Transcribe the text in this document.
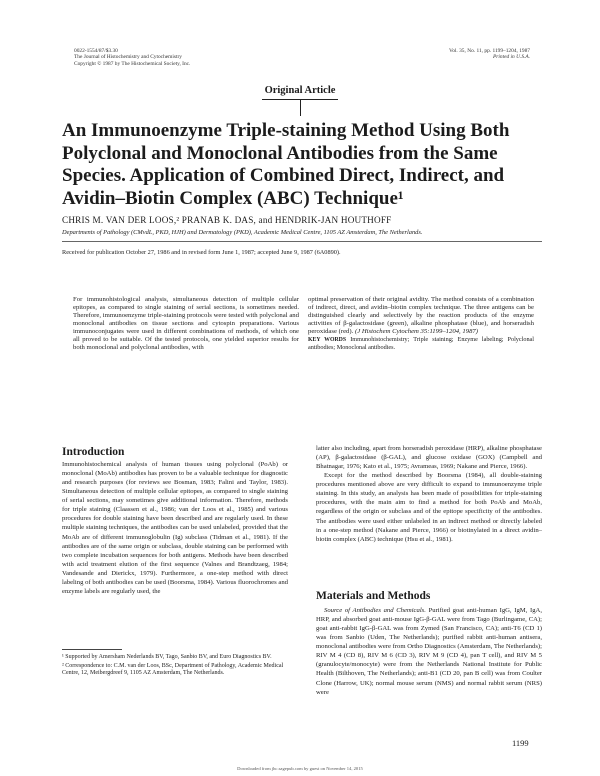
0022-1554/87/$3.30
The Journal of Histochemistry and Cytochemistry
Copyright © 1987 by The Histochemical Society, Inc.
Vol. 35, No. 11, pp. 1199–1204, 1987
Printed in U.S.A.
Original Article
An Immunoenzyme Triple-staining Method Using Both Polyclonal and Monoclonal Antibodies from the Same Species. Application of Combined Direct, Indirect, and Avidin–Biotin Complex (ABC) Technique¹
CHRIS M. VAN DER LOOS,² PRANAB K. DAS, and HENDRIK-JAN HOUTHOFF
Departments of Pathology (CMvdL, PKD, HJH) and Dermatology (PKD), Academic Medical Centre, 1105 AZ Amsterdam, The Netherlands.
Received for publication October 27, 1986 and in revised form June 1, 1987; accepted June 9, 1987 (6A0890).

For immunohistological analysis, simultaneous detection of multiple cellular epitopes, as compared to single staining of serial sections, is sometimes needed. Therefore, immunoenzyme triple-staining protocols were tested with polyclonal and monoclonal antibodies on tissue sections and cytospin preparations. Various immunoconjugates were used in different combinations of methods, of which one all proved to be suitable. Of the tested protocols, one yielded superior results for both monoclonal and polyclonal antibodies, with

optimal preservation of their original avidity. The method consists of a combination of indirect, direct, and avidin–biotin complex technique. The three antigens can be distinguished clearly and selectively by the reaction products of the enzyme activities of β-galactosidase (green), alkaline phosphatase (blue), and horseradish peroxidase (red). (J Histochem Cytochem 35:1199–1204, 1987)

KEY WORDS Immunohistochemistry; Triple staining; Enzyme labeling; Polyclonal antibodies; Monoclonal antibodies.

Introduction

Immunohistochemical analysis of human tissues using polyclonal (PoAb) or monoclonal (MoAb) antibodies has proven to be a valuable technique for diagnostic and research purposes (for reviews see Bosman, 1983; Falini and Taylor, 1983). Simultaneous detection of multiple cellular epitopes, as compared to single staining of serial sections, may sometimes give additional information. Therefore, methods for triple staining (Claassen et al., 1986; van der Loos et al., 1985) and various procedures for double staining have been described and are regularly used. In these multiple staining techniques, the antibodies can be used unlabeled, provided that the MoAb are of different immunoglobulin (Ig) subclass (Tidman et al., 1981). If the antibodies are of the same origin or subclass, double staining can be performed with two complete incubation sequences for both antigens. Methods have been described with acid treatment elution of the first sequence (Valnes and Brandtzaeg, 1984; Vandesande and Dierickx, 1979). Furthermore, a one-step method with direct labeling of both antibodies can be used (Boorsma, 1984). Various fluorochromes and enzyme labels are regularly used, the

latter also including, apart from horseradish peroxidase (HRP), alkaline phosphatase (AP), β-galactosidase (β-GAL), and glucose oxidase (GOX) (Campbell and Bhatnagar, 1976; Kato et al., 1975; Avrameas, 1969; Nakane and Pierce, 1966).

Except for the method described by Boorsma (1984), all double-staining procedures mentioned above are very difficult to expand to immunoenzyme triple staining. In this study, an analysis has been made of possibilities for triple-staining procedures, with the main aim to find a method for both PoAb and MoAb, regardless of the origin or subclass and of the epitope specificity of the antibodies. The antibodies were used either unlabeled in an indirect method or directly labeled in a one-step method (Nakane and Pierce, 1966) or biotinylated in a direct avidin–biotin complex (ABC) technique (Hsu et al., 1981).

Materials and Methods

Source of Antibodies and Chemicals. Purified goat anti-human IgG, IgM, IgA, HRP, and absorbed goat anti-mouse IgG-β-GAL were from Tago (Burlingame, CA); goat anti-rabbit IgG-β-GAL was from Zymed (San Francisco, CA); anti-T6 (CD 1) was from Sanbio (Uden, The Netherlands); purified rabbit anti-human antisera, monoclonal antibodies were from Ortho Diagnostics (Amsterdam, The Netherlands); RIV M 4 (CD 8), RIV M 6 (CD 3), RIV M 9 (CD 4), pan T cell), and RIV M 5 (granulocyte/monocyte) were from the Netherlands National Institute for Public Health (Bilthoven, The Netherlands); anti-B1 (CD 20, pan B cell) was from Coulter Clone (Harrow, UK); normal mouse serum (NMS) and normal rabbit serum (NRS) were

¹ Supported by Amersham Nederlands BV, Tago, Sanbio BV, and Euro Diagnostics BV.

² Correspondence to: C.M. van der Loos, BSc, Department of Pathology, Academic Medical Centre, 12, Meibergdreef 9, 1105 AZ Amsterdam, The Netherlands.

1199
Downloaded from jhc.sagepub.com by guest on November 14, 2015
